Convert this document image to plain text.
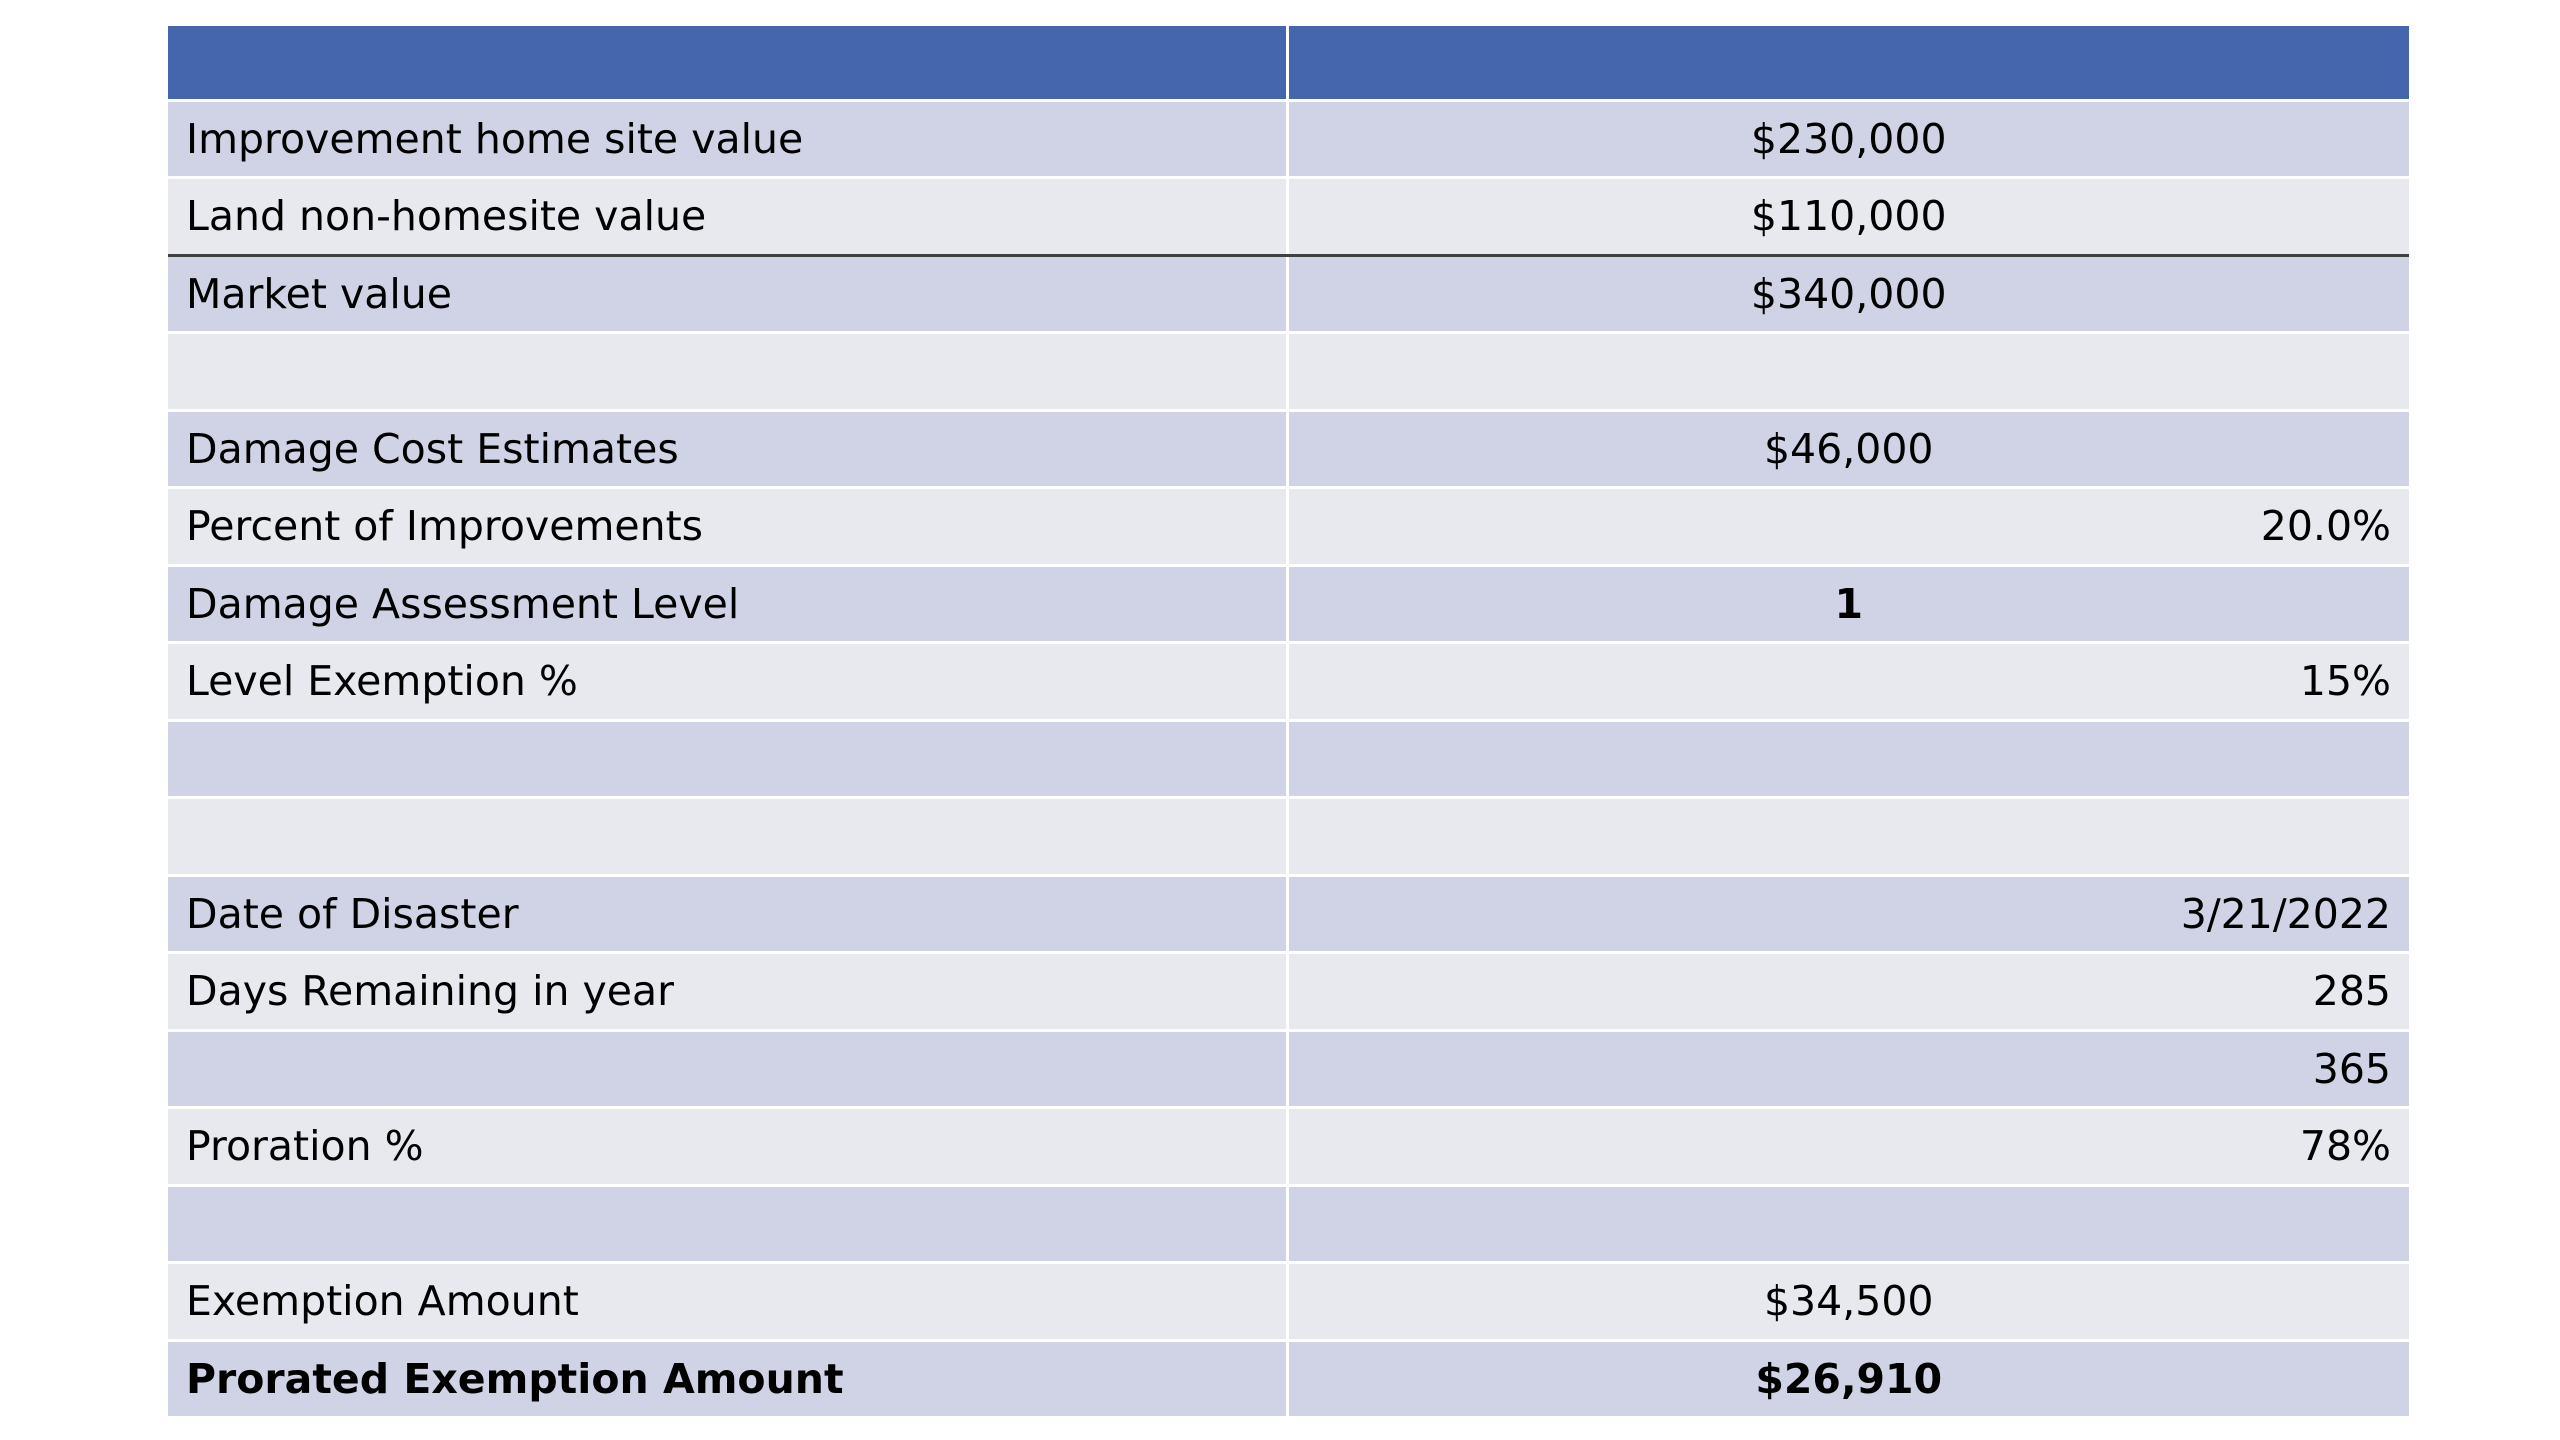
Improvement home site value	$230,000
Land non-homesite value	$110,000
Market value	$340,000

Damage Cost Estimates	$46,000
Percent of Improvements	20.0%
Damage Assessment Level	1
Level Exemption %	15%

Date of Disaster	3/21/2022
Days Remaining in year	285
	365
Proration %	78%

Exemption Amount	$34,500
Prorated Exemption Amount	$26,910
